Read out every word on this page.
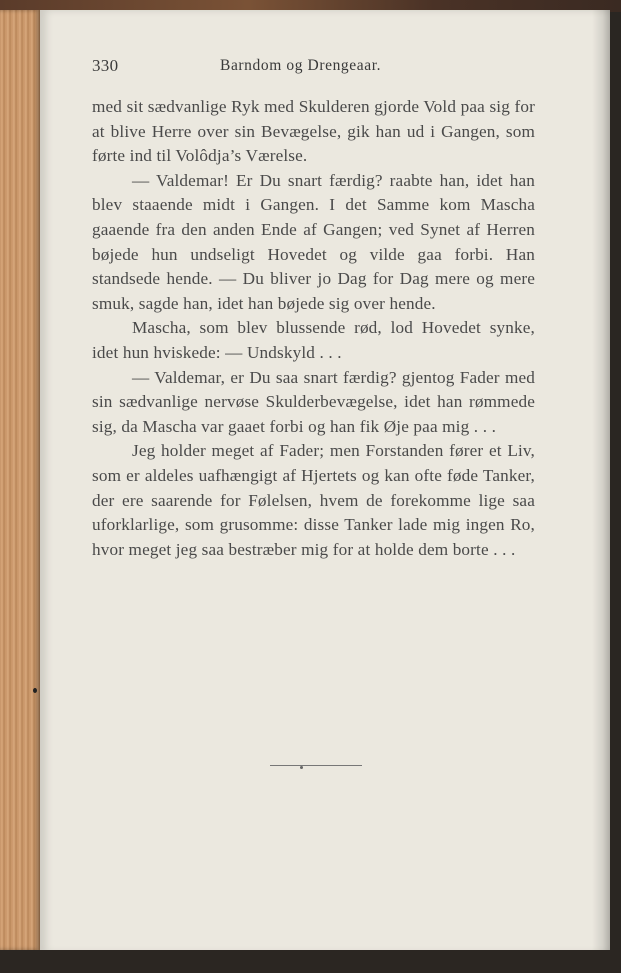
330	Barndom og Drengeaar.

med sit sædvanlige Ryk med Skulderen gjorde Vold paa sig for at blive Herre over sin Bevægelse, gik han ud i Gangen, som førte ind til Volôdja’s Værelse.

— Valdemar! Er Du snart færdig? raabte han, idet han blev staaende midt i Gangen. I det Samme kom Mascha gaaende fra den anden Ende af Gangen; ved Synet af Herren bøjede hun undseligt Hovedet og vilde gaa forbi. Han standsede hende. — Du bliver jo Dag for Dag mere og mere smuk, sagde han, idet han bøjede sig over hende.

Mascha, som blev blussende rød, lod Hovedet synke, idet hun hviskede: — Undskyld . . .

— Valdemar, er Du saa snart færdig? gjentog Fader med sin sædvanlige nervøse Skulderbevægelse, idet han rømmede sig, da Mascha var gaaet forbi og han fik Øje paa mig . . .

Jeg holder meget af Fader; men Forstanden fører et Liv, som er aldeles uafhængigt af Hjertets og kan ofte føde Tanker, der ere saarende for Følelsen, hvem de forekomme lige saa uforklarlige, som grusomme: disse Tanker lade mig ingen Ro, hvor meget jeg saa bestræber mig for at holde dem borte . . .
